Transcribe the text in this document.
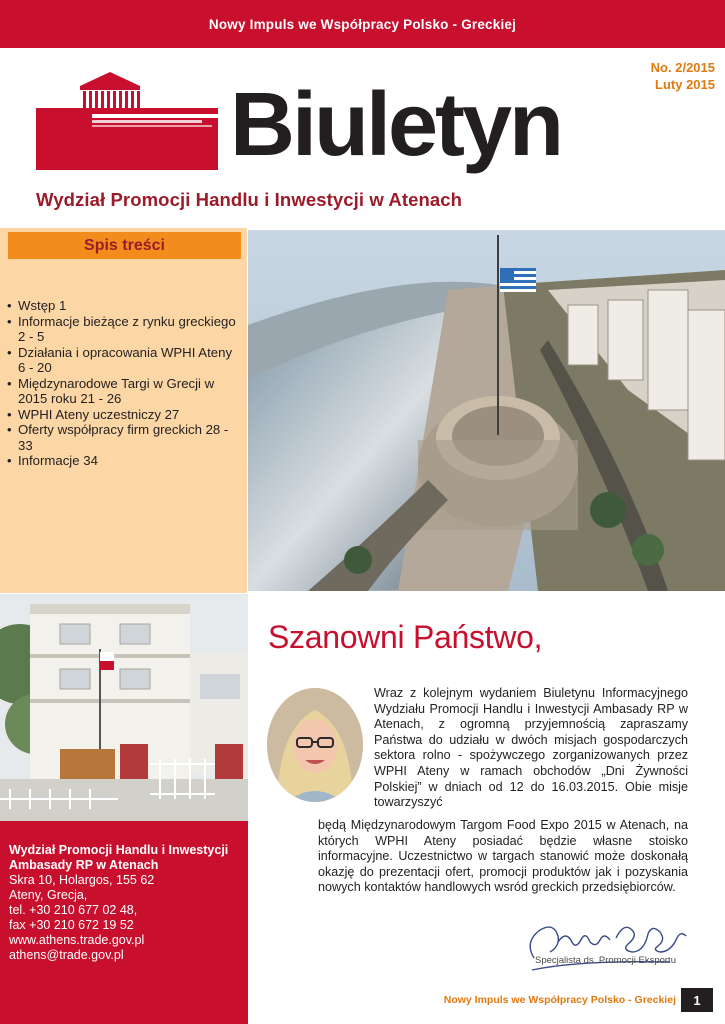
Nowy Impuls we Współpracy Polsko - Greckiej
Biuletyn
No. 2/2015
Luty 2015
Wydział Promocji Handlu i Inwestycji w Atenach
Spis treści
• Wstęp 1
• Informacje bieżące z rynku greckiego 2 - 5
• Działania i opracowania WPHI Ateny 6 - 20
• Międzynarodowe Targi w Grecji w 2015 roku 21 - 26
• WPHI Ateny uczestniczy 27
• Oferty współpracy firm greckich 28 - 33
• Informacje 34
Wydział Promocji Handlu i Inwestycji
Ambasady RP w Atenach
Skra 10, Holargos, 155 62
Ateny, Grecja,
tel. +30 210 677 02 48,
fax +30 210 672 19 52
www.athens.trade.gov.pl
athens@trade.gov.pl
Szanowni Państwo,

Wraz z kolejnym wydaniem Biuletynu Informacyjnego Wydziału Promocji Handlu i Inwestycji Ambasady RP w Atenach, z ogromną przyjemnością zapraszamy Państwa do udziału w dwóch misjach gospodarczych sektora rolno - spożywczego zorganizowanych przez WPHI Ateny w ramach obchodów „Dni Żywności Polskiej” w dniach od 12 do 16.03.2015. Obie misje towarzyszyć

będą Międzynarodowym Targom Food Expo 2015 w Atenach, na których WPHI Ateny posiadać będzie własne stoisko informacyjne. Uczestnictwo w targach stanowić może doskonałą okazję do prezentacji ofert, promocji produktów jak i pozyskania nowych kontaktów handlowych wsród greckich przedsiębiorców.

Specjalista ds. Promocji Eksportu
Nowy Impuls we Współpracy Polsko - Greckiej	1
